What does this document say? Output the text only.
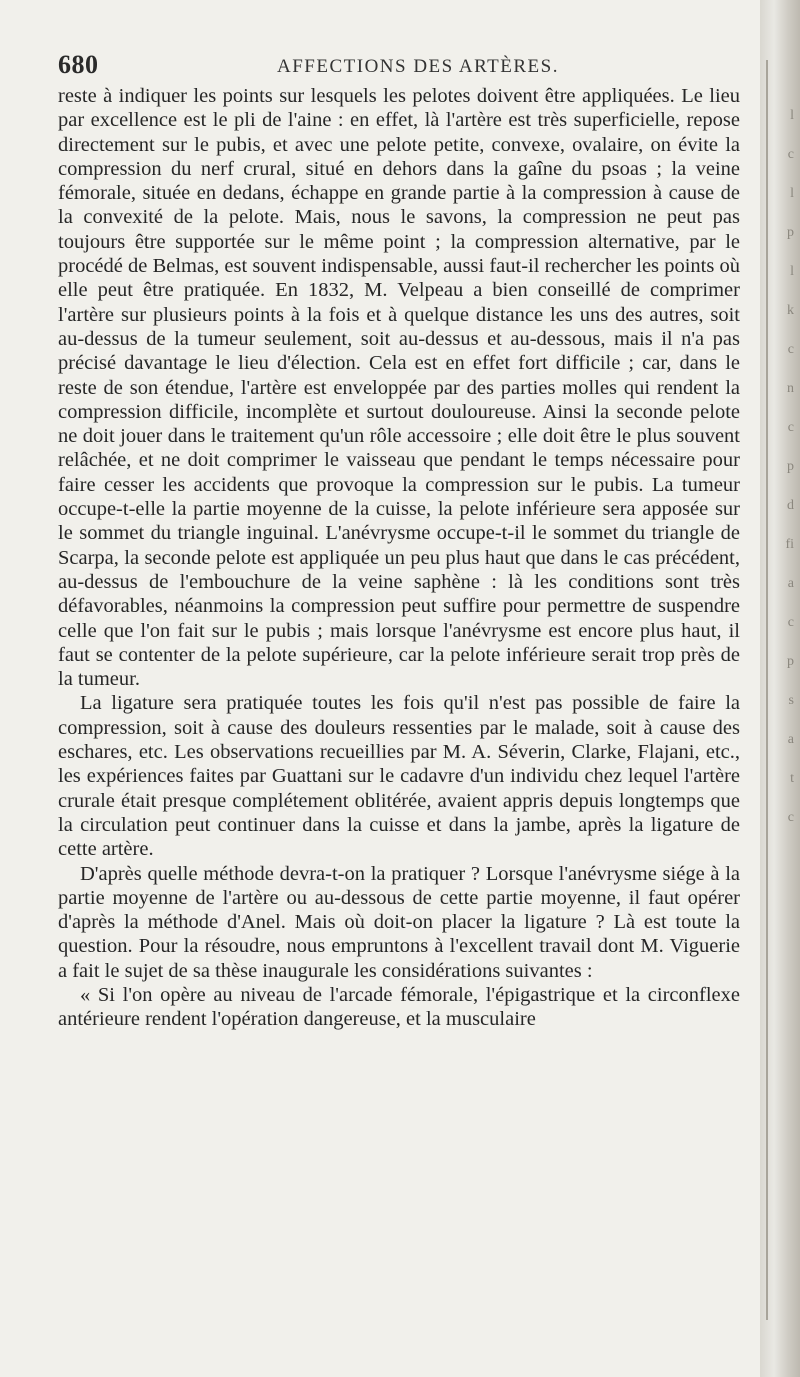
680	AFFECTIONS DES ARTÈRES.

reste à indiquer les points sur lesquels les pelotes doivent être appliquées. Le lieu par excellence est le pli de l'aine : en effet, là l'artère est très superficielle, repose directement sur le pubis, et avec une pelote petite, convexe, ovalaire, on évite la compression du nerf crural, situé en dehors dans la gaîne du psoas ; la veine fémorale, située en dedans, échappe en grande partie à la compression à cause de la convexité de la pelote. Mais, nous le savons, la compression ne peut pas toujours être supportée sur le même point ; la compression alternative, par le procédé de Belmas, est souvent indispensable, aussi faut-il rechercher les points où elle peut être pratiquée. En 1832, M. Velpeau a bien conseillé de comprimer l'artère sur plusieurs points à la fois et à quelque distance les uns des autres, soit au-dessus de la tumeur seulement, soit au-dessus et au-dessous, mais il n'a pas précisé davantage le lieu d'élection. Cela est en effet fort difficile ; car, dans le reste de son étendue, l'artère est enveloppée par des parties molles qui rendent la compression difficile, incomplète et surtout douloureuse. Ainsi la seconde pelote ne doit jouer dans le traitement qu'un rôle accessoire ; elle doit être le plus souvent relâchée, et ne doit comprimer le vaisseau que pendant le temps nécessaire pour faire cesser les accidents que provoque la compression sur le pubis. La tumeur occupe-t-elle la partie moyenne de la cuisse, la pelote inférieure sera apposée sur le sommet du triangle inguinal. L'anévrysme occupe-t-il le sommet du triangle de Scarpa, la seconde pelote est appliquée un peu plus haut que dans le cas précédent, au-dessus de l'embouchure de la veine saphène : là les conditions sont très défavorables, néanmoins la compression peut suffire pour permettre de suspendre celle que l'on fait sur le pubis ; mais lorsque l'anévrysme est encore plus haut, il faut se contenter de la pelote supérieure, car la pelote inférieure serait trop près de la tumeur.

La ligature sera pratiquée toutes les fois qu'il n'est pas possible de faire la compression, soit à cause des douleurs ressenties par le malade, soit à cause des eschares, etc. Les observations recueillies par M. A. Séverin, Clarke, Flajani, etc., les expériences faites par Guattani sur le cadavre d'un individu chez lequel l'artère crurale était presque complétement oblitérée, avaient appris depuis longtemps que la circulation peut continuer dans la cuisse et dans la jambe, après la ligature de cette artère.

D'après quelle méthode devra-t-on la pratiquer ? Lorsque l'anévrysme siége à la partie moyenne de l'artère ou au-dessous de cette partie moyenne, il faut opérer d'après la méthode d'Anel. Mais où doit-on placer la ligature ? Là est toute la question. Pour la résoudre, nous empruntons à l'excellent travail dont M. Viguerie a fait le sujet de sa thèse inaugurale les considérations suivantes :

« Si l'on opère au niveau de l'arcade fémorale, l'épigastrique et la circonflexe antérieure rendent l'opération dangereuse, et la musculaire

l
c
l
p
l
k
c
n
c
p
d
fi
a
c
p
s
a
t
c
